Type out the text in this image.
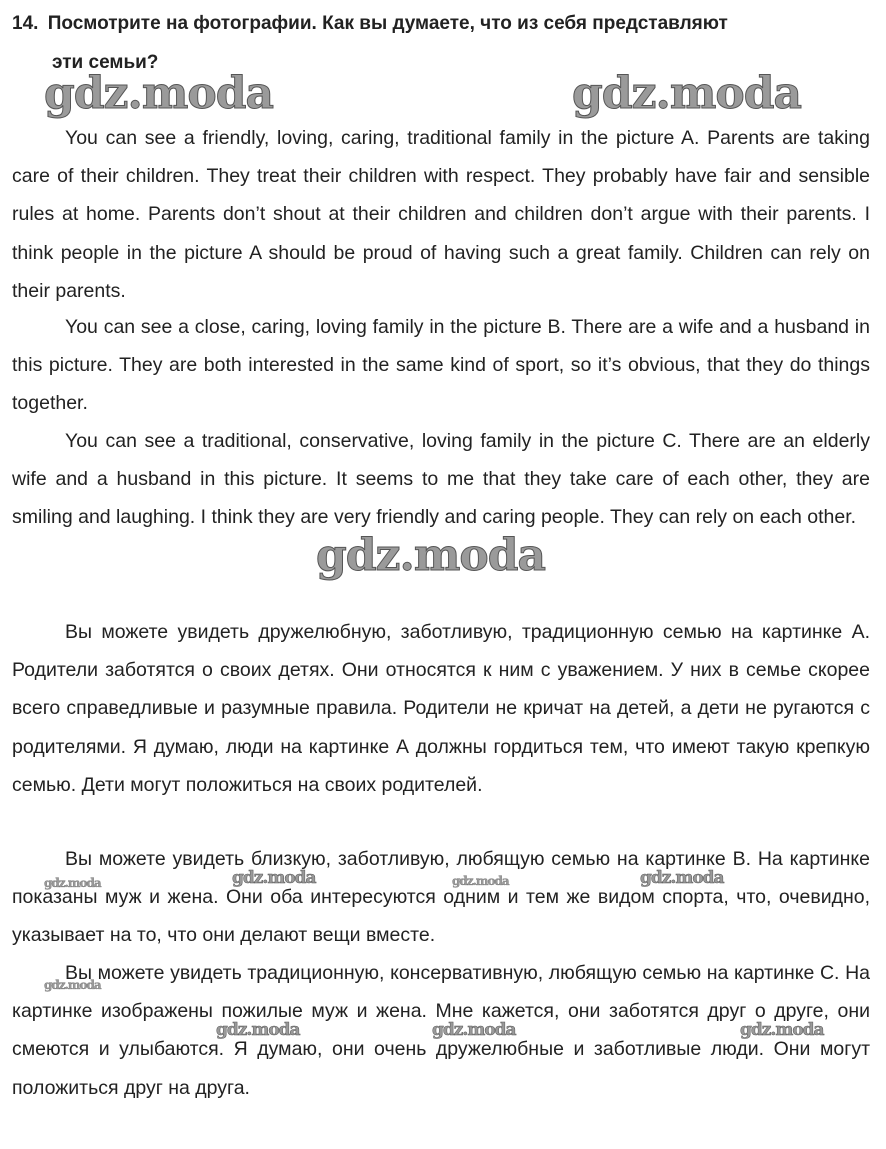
14. Посмотрите на фотографии. Как вы думаете, что из себя представляют
эти семьи?

You can see a friendly, loving, caring, traditional family in the picture A. Parents are taking care of their children. They treat their children with respect. They probably have fair and sensible rules at home. Parents don’t shout at their children and children don’t argue with their parents. I think people in the picture A should be proud of having such a great family. Children can rely on their parents.

You can see a close, caring, loving family in the picture B. There are a wife and a husband in this picture. They are both interested in the same kind of sport, so it’s obvious, that they do things together.

You can see a traditional, conservative, loving family in the picture C. There are an elderly wife and a husband in this picture. It seems to me that they take care of each other, they are smiling and laughing. I think they are very friendly and caring people. They can rely on each other.

Вы можете увидеть дружелюбную, заботливую, традиционную семью на картинке А. Родители заботятся о своих детях. Они относятся к ним с уважением. У них в семье скорее всего справедливые и разумные правила. Родители не кричат на детей, а дети не ругаются с родителями. Я думаю, люди на картинке А должны гордиться тем, что имеют такую крепкую семью. Дети могут положиться на своих родителей.

Вы можете увидеть близкую, заботливую, любящую семью на картинке В. На картинке показаны муж и жена. Они оба интересуются одним и тем же видом спорта, что, очевидно, указывает на то, что они делают вещи вместе.

Вы можете увидеть традиционную, консервативную, любящую семью на картинке С. На картинке изображены пожилые муж и жена. Мне кажется, они заботятся друг о друге, они смеются и улыбаются. Я думаю, они очень дружелюбные и заботливые люди. Они могут положиться друг на друга.

gdz.moda	gdz.moda
gdz.moda
gdz.moda	gdz.moda	gdz.moda	gdz.moda
gdz.moda
gdz.moda	gdz.moda	gdz.moda
